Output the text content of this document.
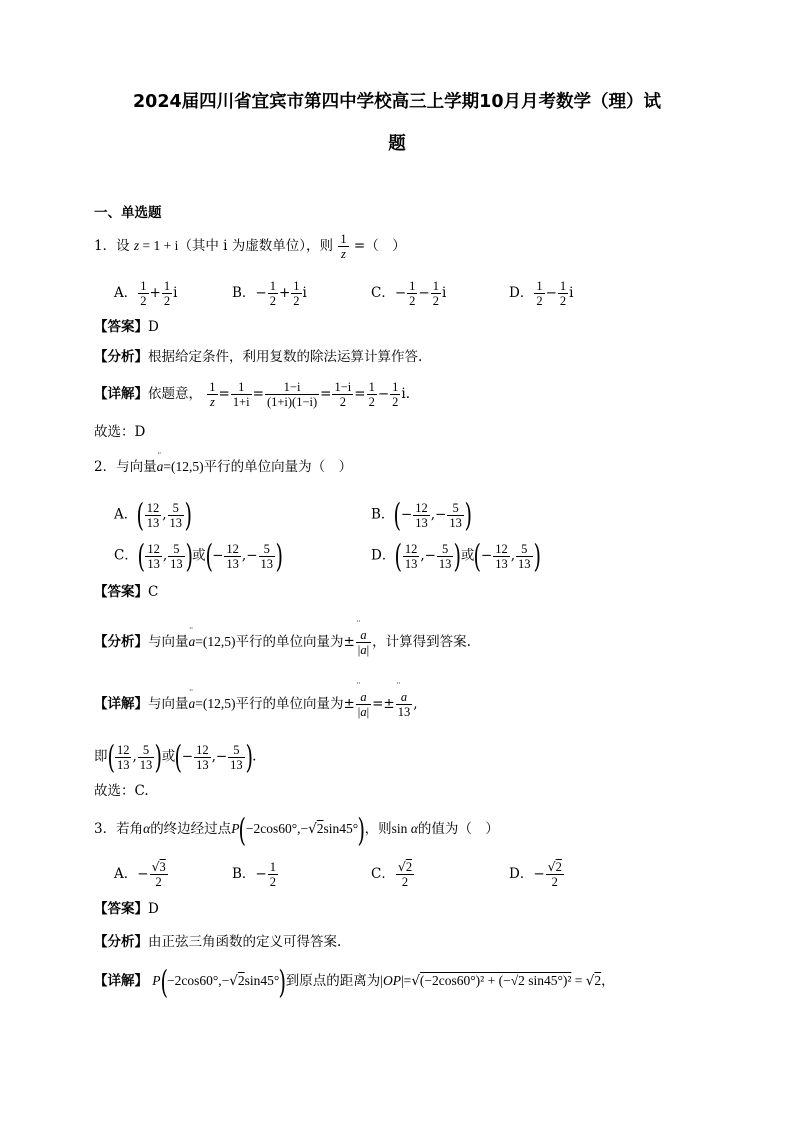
2024届四川省宜宾市第四中学校高三上学期10月月考数学（理）试
题
一、单选题
1．设 z = 1 + i（其中 i 为虚数单位），则 $\frac{1}{z}$ =（　）
A． $\frac{1}{2} + \frac{1}{2}$ i	B．− $\frac{1}{2} + \frac{1}{2}$ i	C．− $\frac{1}{2} - \frac{1}{2}$ i	D． $\frac{1}{2} - \frac{1}{2}$ i
【答案】D
【分析】根据给定条件，利用复数的除法运算计算作答.
【详解】依题意， $\frac{1}{z} = \frac{1}{1+i} = \frac{1-i}{(1+i)(1-i)} = \frac{1-i}{2} = \frac{1}{2} - \frac{1}{2} i$.
故选：D
2．与向量¨ a=(12,5)平行的单位向量为（　）
A．( $\frac{12}{13}$ , $\frac{5}{13}$ )	B．(− $\frac{12}{13}$ ,− $\frac{5}{13}$ )
C．( $\frac{12}{13}$ , $\frac{5}{13}$ )或(− $\frac{12}{13}$ ,− $\frac{5}{13}$ )	D．( $\frac{12}{13}$ ,− $\frac{5}{13}$ )或(− $\frac{12}{13}$ , $\frac{5}{13}$ )
【答案】C
【分析】与向量¨ a=(12,5)平行的单位向量为± ¨ $\frac{a}{|a|}$ ，计算得到答案.
【详解】与向量¨ a=(12,5)平行的单位向量为± ¨ $\frac{a}{|a|}$ =± ¨ $\frac{a}{13}$ ,
即( $\frac{12}{13}$ , $\frac{5}{13}$ )或(− $\frac{12}{13}$ ,− $\frac{5}{13}$ ).
故选：C.
3．若角α的终边经过点P(−2cos60°,−√2sin45°)，则sin α的值为（　）
A．− $\frac{√3}{2}$	B．− $\frac{1}{2}$	C． $\frac{√2}{2}$	D．− $\frac{√2}{2}$
【答案】D
【分析】由正弦三角函数的定义可得答案.
【详解】 P(−2cos60°,−√2sin45°)到原点的距离为|OP|=√(−2cos60°)² + (−√2 sin45°)² = √2，
